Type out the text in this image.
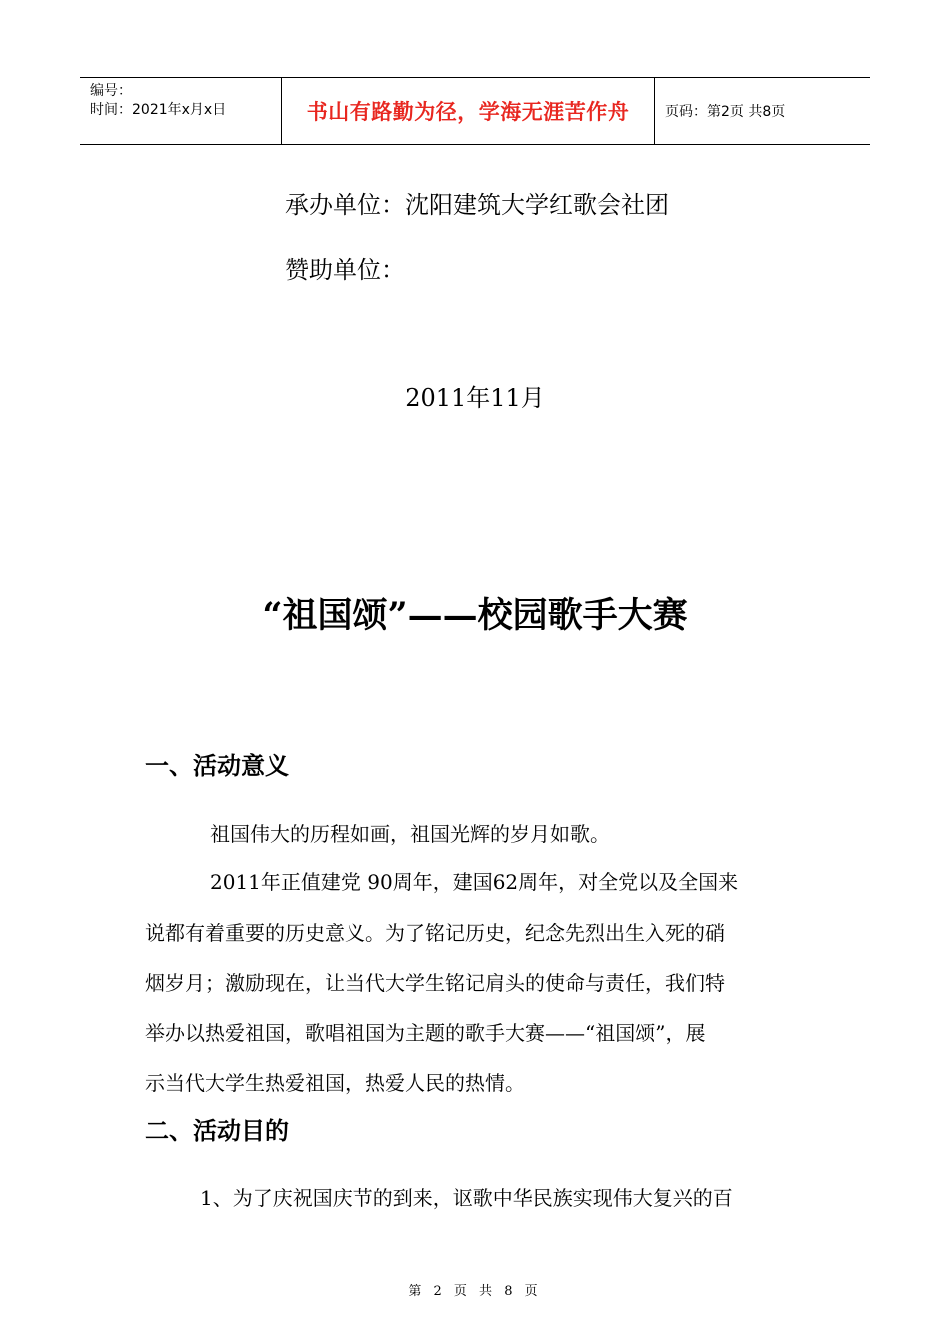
编号：
时间：2021年x月x日	书山有路勤为径，学海无涯苦作舟	页码：第2页 共8页
承办单位：沈阳建筑大学红歌会社团
赞助单位：
2011年11月
“祖国颂”——校园歌手大赛
一、活动意义
祖国伟大的历程如画，祖国光辉的岁月如歌。
2011年正值建党 90周年，建国62周年，对全党以及全国来
说都有着重要的历史意义。为了铭记历史，纪念先烈出生入死的硝
烟岁月；激励现在，让当代大学生铭记肩头的使命与责任，我们特
举办以热爱祖国，歌唱祖国为主题的歌手大赛——“祖国颂”，展
示当代大学生热爱祖国，热爱人民的热情。
二、活动目的
1、为了庆祝国庆节的到来，讴歌中华民族实现伟大复兴的百
第 2 页 共 8 页
